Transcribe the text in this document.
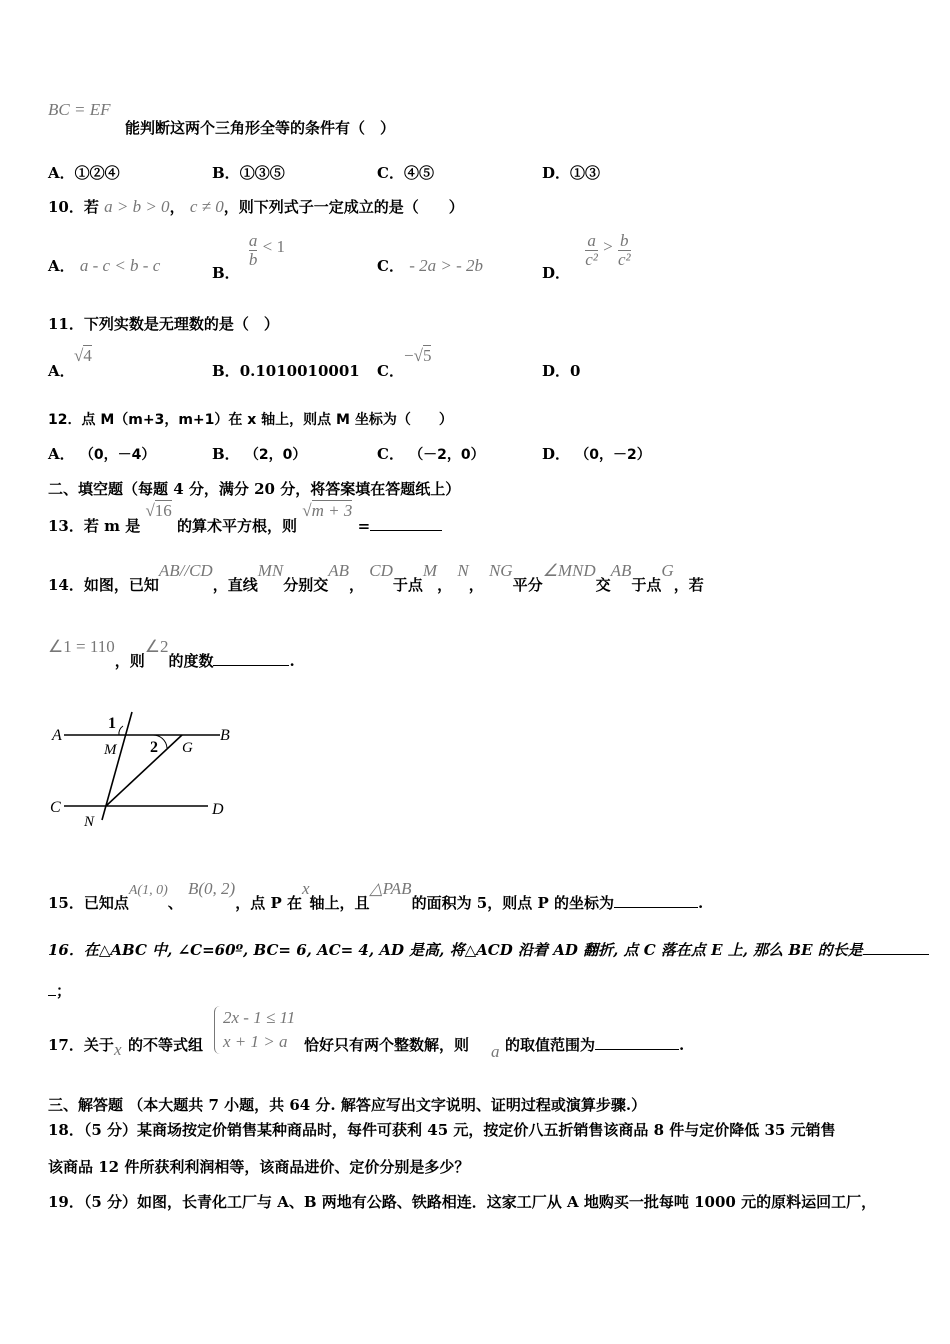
BC = EF
能判断这两个三角形全等的条件有（　）
A．①②④	B．①③⑤	C．④⑤	D．①③
10．若 a > b > 0， c ≠ 0，则下列式子一定成立的是（　　）
A． a - c < b - c	B．
$\frac{a}{b} < 1$
C． - 2a > - 2b	D．
$\frac{a}{\text{c²}} > \frac{b}{\text{c²}}$
11．下列实数是无理数的是（　）
A．
√4
B．0.1010010001 C．
−√5
D．0
12．点 M（m+3，m+1）在 x 轴上，则点 M 坐标为（　　）
A． （0，－4）	B． （2，0）	C． （－2，0）	D． （0，－2）
二、填空题（每题 4 分，满分 20 分，将答案填在答题纸上）
13．若 m 是 √16 的算术平方根，则 √m + 3 =
14．如图，已知AB//CD，直线MN分别交AB， CD于点M， N， NG平分∠MND交AB于点G，若
∠1 = 110，则∠2的度数	.
A	B
C	D
M
N
G
1
2
15．已知点A(1, 0)、 B(0, 2)，点 P 在x轴上，且△PAB的面积为 5，则点 P 的坐标为	.
16．在△ABC 中, ∠C=60º, BC= 6, AC= 4, AD 是高, 将△ACD 沿着 AD 翻折, 点 C 落在点 E 上, 那么 BE 的长是
；
17．关于 x 的不等式组
2x - 1 ≤ 11
x + 1 > a	恰好只有两个整数解，则 a 的取值范围为	.
三、解答题 （本大题共 7 小题，共 64 分. 解答应写出文字说明、证明过程或演算步骤.）
18．（5 分）某商场按定价销售某种商品时，每件可获利 45 元，按定价八五折销售该商品 8 件与定价降低 35 元销售
该商品 12 件所获利利润相等，该商品进价、定价分别是多少？
19．（5 分）如图，长青化工厂与 A、B 两地有公路、铁路相连．这家工厂从 A 地购买一批每吨 1000 元的原料运回工厂，
